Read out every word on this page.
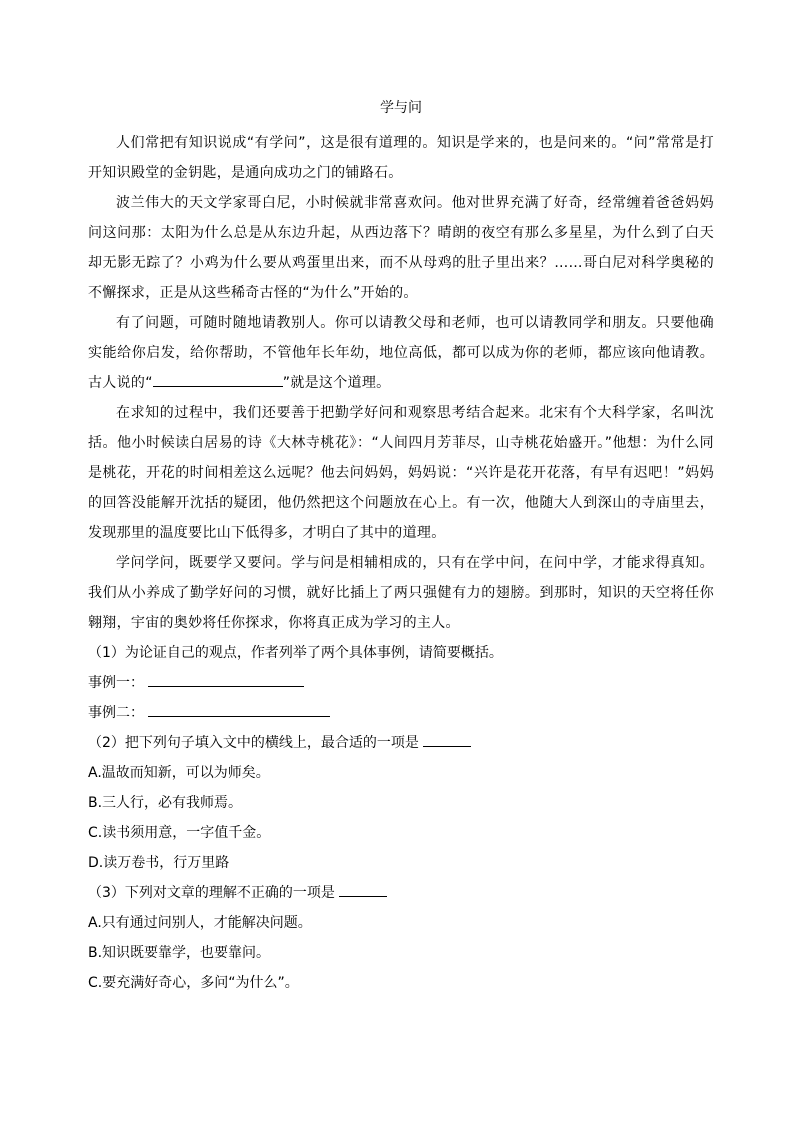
学与问

人们常把有知识说成“有学问”，这是很有道理的。知识是学来的，也是问来的。“问”常常是打开知识殿堂的金钥匙，是通向成功之门的铺路石。

波兰伟大的天文学家哥白尼，小时候就非常喜欢问。他对世界充满了好奇，经常缠着爸爸妈妈问这问那：太阳为什么总是从东边升起，从西边落下？晴朗的夜空有那么多星星，为什么到了白天却无影无踪了？小鸡为什么要从鸡蛋里出来，而不从母鸡的肚子里出来？……哥白尼对科学奥秘的不懈探求，正是从这些稀奇古怪的“为什么”开始的。

有了问题，可随时随地请教别人。你可以请教父母和老师，也可以请教同学和朋友。只要他确实能给你启发，给你帮助，不管他年长年幼，地位高低，都可以成为你的老师，都应该向他请教。古人说的“	”就是这个道理。

在求知的过程中，我们还要善于把勤学好问和观察思考结合起来。北宋有个大科学家，名叫沈括。他小时候读白居易的诗《大林寺桃花》：“人间四月芳菲尽，山寺桃花始盛开。”他想：为什么同是桃花，开花的时间相差这么远呢？他去问妈妈，妈妈说：“兴许是花开花落，有早有迟吧！”妈妈的回答没能解开沈括的疑团，他仍然把这个问题放在心上。有一次，他随大人到深山的寺庙里去，发现那里的温度要比山下低得多，才明白了其中的道理。

学问学问，既要学又要问。学与问是相辅相成的，只有在学中问，在问中学，才能求得真知。我们从小养成了勤学好问的习惯，就好比插上了两只强健有力的翅膀。到那时，知识的天空将任你翱翔，宇宙的奥妙将任你探求，你将真正成为学习的主人。

（1）为论证自己的观点，作者列举了两个具体事例，请简要概括。
事例一：
事例二：
（2）把下列句子填入文中的横线上，最合适的一项是
A.温故而知新，可以为师矣。
B.三人行，必有我师焉。
C.读书须用意，一字值千金。
D.读万卷书，行万里路
（3）下列对文章的理解不正确的一项是
A.只有通过问别人，才能解决问题。
B.知识既要靠学，也要靠问。
C.要充满好奇心，多问“为什么”。
